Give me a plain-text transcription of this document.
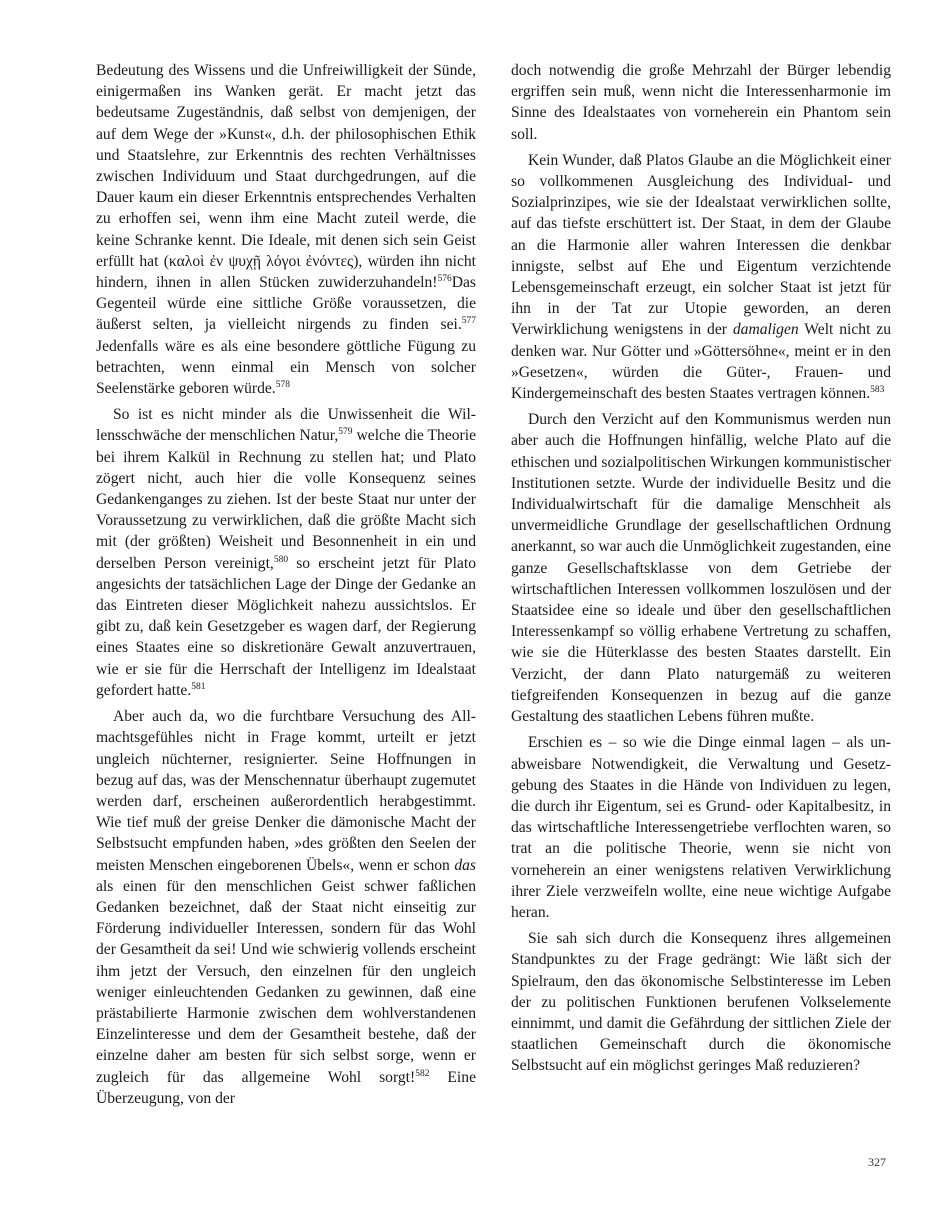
Bedeutung des Wissens und die Unfreiwilligkeit der Sünde, einigermaßen ins Wanken gerät. Er macht jetzt das bedeutsame Zugeständnis, daß selbst von demjenigen, der auf dem Wege der »Kunst«, d.h. der philosophischen Ethik und Staatslehre, zur Erkenntnis des rechten Verhältnisses zwischen Individuum und Staat durchgedrungen, auf die Dauer kaum ein dieser Erkenntnis entsprechendes Verhalten zu erhoffen sei, wenn ihm eine Macht zuteil werde, die keine Schranke kennt. Die Ideale, mit denen sich sein Geist erfüllt hat (καλοὶ ἐν ψυχῇ λόγοι ἐνόντες), würden ihn nicht hindern, ihnen in allen Stücken zuwiderzuhandeln!$^{576}$Das Gegenteil würde eine sittliche Größe voraussetzen, die äußerst selten, ja vielleicht nirgends zu finden sei.$^{577}$ Jedenfalls wäre es als eine besondere göttliche Fügung zu betrachten, wenn einmal ein Mensch von solcher Seelenstärke geboren würde.$^{578}$

So ist es nicht minder als die Unwissenheit die Willensschwäche der menschlichen Natur,$^{579}$ welche die Theorie bei ihrem Kalkül in Rechnung zu stellen hat; und Plato zögert nicht, auch hier die volle Konsequenz seines Gedankenganges zu ziehen. Ist der beste Staat nur unter der Voraussetzung zu verwirklichen, daß die größte Macht sich mit (der größten) Weisheit und Besonnenheit in ein und derselben Person vereinigt,$^{580}$ so erscheint jetzt für Plato angesichts der tatsächlichen Lage der Dinge der Gedanke an das Eintreten dieser Möglichkeit nahezu aussichtslos. Er gibt zu, daß kein Gesetzgeber es wagen darf, der Regierung eines Staates eine so diskretionäre Gewalt anzuvertrauen, wie er sie für die Herrschaft der Intelligenz im Idealstaat gefordert hatte.$^{581}$

Aber auch da, wo die furchtbare Versuchung des Allmachtsgefühles nicht in Frage kommt, urteilt er jetzt ungleich nüchterner, resignierter. Seine Hoffnungen in bezug auf das, was der Menschennatur überhaupt zugemutet werden darf, erscheinen außerordentlich herabgestimmt. Wie tief muß der greise Denker die dämonische Macht der Selbstsucht empfunden haben, »des größten den Seelen der meisten Menschen eingeborenen Übels«, wenn er schon das als einen für den menschlichen Geist schwer faßlichen Gedanken bezeichnet, daß der Staat nicht einseitig zur Förderung individueller Interessen, sondern für das Wohl der Gesamtheit da sei! Und wie schwierig vollends erscheint ihm jetzt der Versuch, den einzelnen für den ungleich weniger einleuchtenden Gedanken zu gewinnen, daß eine prästabilierte Harmonie zwischen dem wohlverstandenen Einzelinteresse und dem der Gesamtheit bestehe, daß der einzelne daher am besten für sich selbst sorge, wenn er zugleich für das allgemeine Wohl sorgt!$^{582}$ Eine Überzeugung, von der

doch notwendig die große Mehrzahl der Bürger lebendig ergriffen sein muß, wenn nicht die Interessenharmonie im Sinne des Idealstaates von vorneherein ein Phantom sein soll.

Kein Wunder, daß Platos Glaube an die Möglichkeit einer so vollkommenen Ausgleichung des Individual- und Sozialprinzipes, wie sie der Idealstaat verwirklichen sollte, auf das tiefste erschüttert ist. Der Staat, in dem der Glaube an die Harmonie aller wahren Interessen die denkbar innigste, selbst auf Ehe und Eigentum verzichtende Lebensgemeinschaft erzeugt, ein solcher Staat ist jetzt für ihn in der Tat zur Utopie geworden, an deren Verwirklichung wenigstens in der damaligen Welt nicht zu denken war. Nur Götter und »Göttersöhne«, meint er in den »Gesetzen«, würden die Güter-, Frauen- und Kindergemeinschaft des besten Staates vertragen können.$^{583}$

Durch den Verzicht auf den Kommunismus werden nun aber auch die Hoffnungen hinfällig, welche Plato auf die ethischen und sozialpolitischen Wirkungen kommunistischer Institutionen setzte. Wurde der individuelle Besitz und die Individualwirtschaft für die damalige Menschheit als unvermeidliche Grundlage der gesellschaftlichen Ordnung anerkannt, so war auch die Unmöglichkeit zugestanden, eine ganze Gesellschaftsklasse von dem Getriebe der wirtschaftlichen Interessen vollkommen loszulösen und der Staatsidee eine so ideale und über den gesellschaftlichen Interessenkampf so völlig erhabene Vertretung zu schaffen, wie sie die Hüterklasse des besten Staates darstellt. Ein Verzicht, der dann Plato naturgemäß zu weiteren tiefgreifenden Konsequenzen in bezug auf die ganze Gestaltung des staatlichen Lebens führen mußte.

Erschien es – so wie die Dinge einmal lagen – als unabweisbare Notwendigkeit, die Verwaltung und Gesetzgebung des Staates in die Hände von Individuen zu legen, die durch ihr Eigentum, sei es Grund- oder Kapitalbesitz, in das wirtschaftliche Interessengetriebe verflochten waren, so trat an die politische Theorie, wenn sie nicht von vorneherein an einer wenigstens relativen Verwirklichung ihrer Ziele verzweifeln wollte, eine neue wichtige Aufgabe heran.

Sie sah sich durch die Konsequenz ihres allgemeinen Standpunktes zu der Frage gedrängt: Wie läßt sich der Spielraum, den das ökonomische Selbstinteresse im Leben der zu politischen Funktionen berufenen Volkselemente einnimmt, und damit die Gefährdung der sittlichen Ziele der staatlichen Gemeinschaft durch die ökonomische Selbstsucht auf ein möglichst geringes Maß reduzieren?

327
